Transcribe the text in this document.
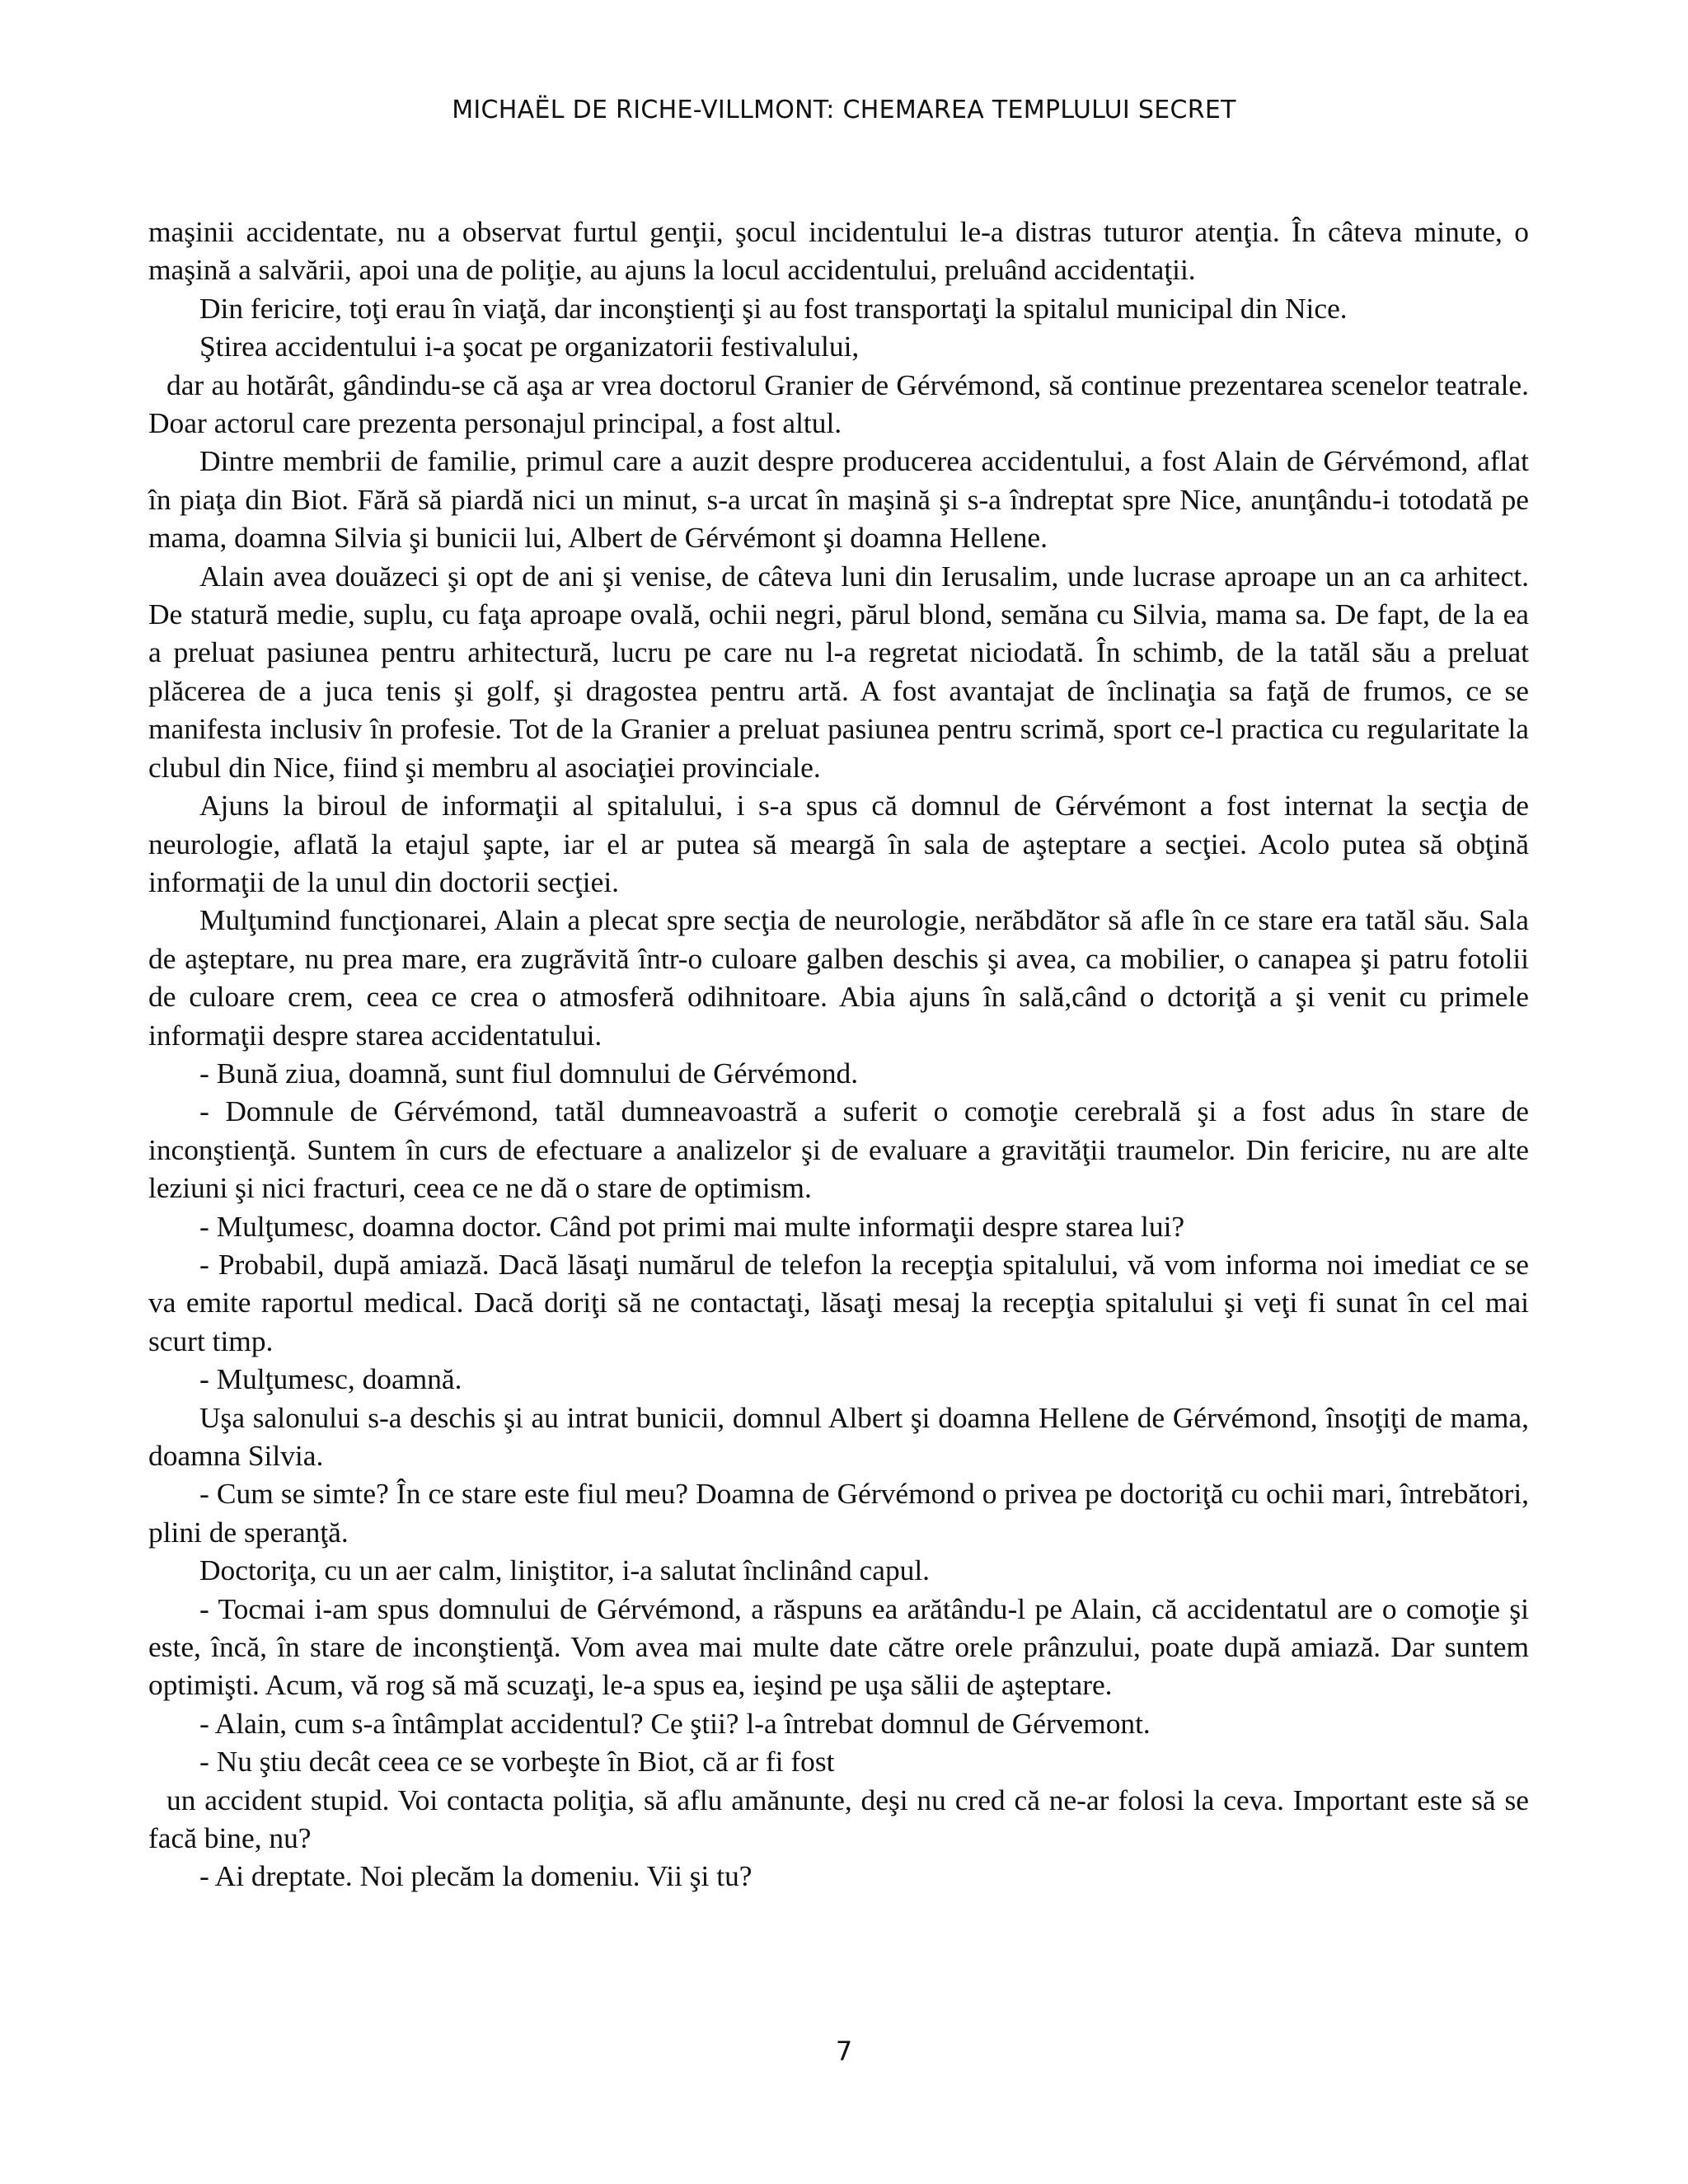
MICHAËL DE RICHE-VILLMONT: CHEMAREA TEMPLULUI SECRET

maşinii accidentate, nu a observat furtul genţii, şocul incidentului le-a distras tuturor atenţia. În câteva minute, o maşină a salvării, apoi una de poliţie, au ajuns la locul accidentului, preluând accidentaţii.

Din fericire, toţi erau în viaţă, dar inconştienţi şi au fost transportaţi la spitalul municipal din Nice.

Ştirea accidentului i-a şocat pe organizatorii festivalului,

dar au hotărât, gândindu-se că aşa ar vrea doctorul Granier de Gérvémond, să continue prezentarea scenelor teatrale. Doar actorul care prezenta personajul principal, a fost altul.

Dintre membrii de familie, primul care a auzit despre producerea accidentului, a fost Alain de Gérvémond, aflat în piaţa din Biot. Fără să piardă nici un minut, s-a urcat în maşină şi s-a îndreptat spre Nice, anunţându-i totodată pe mama, doamna Silvia şi bunicii lui, Albert de Gérvémont şi doamna Hellene.

Alain avea douăzeci şi opt de ani şi venise, de câteva luni din Ierusalim, unde lucrase aproape un an ca arhitect. De statură medie, suplu, cu faţa aproape ovală, ochii negri, părul blond, semăna cu Silvia, mama sa. De fapt, de la ea a preluat pasiunea pentru arhitectură, lucru pe care nu l-a regretat niciodată. În schimb, de la tatăl său a preluat plăcerea de a juca tenis şi golf, şi dragostea pentru artă. A fost avantajat de înclinaţia sa faţă de frumos, ce se manifesta inclusiv în profesie. Tot de la Granier a preluat pasiunea pentru scrimă, sport ce-l practica cu regularitate la clubul din Nice, fiind şi membru al asociaţiei provinciale.

Ajuns la biroul de informaţii al spitalului, i s-a spus că domnul de Gérvémont a fost internat la secţia de neurologie, aflată la etajul şapte, iar el ar putea să meargă în sala de aşteptare a secţiei. Acolo putea să obţină informaţii de la unul din doctorii secţiei.

Mulţumind funcţionarei, Alain a plecat spre secţia de neurologie, nerăbdător să afle în ce stare era tatăl său. Sala de aşteptare, nu prea mare, era zugrăvită într-o culoare galben deschis şi avea, ca mobilier, o canapea şi patru fotolii de culoare crem, ceea ce crea o atmosferă odihnitoare. Abia ajuns în sală,când o dctoriţă a şi venit cu primele informaţii despre starea accidentatului.

- Bună ziua, doamnă, sunt fiul domnului de Gérvémond.

- Domnule de Gérvémond, tatăl dumneavoastră a suferit o comoţie cerebrală şi a fost adus în stare de inconştienţă. Suntem în curs de efectuare a analizelor şi de evaluare a gravităţii traumelor. Din fericire, nu are alte leziuni şi nici fracturi, ceea ce ne dă o stare de optimism.

- Mulţumesc, doamna doctor. Când pot primi mai multe informaţii despre starea lui?

- Probabil, după amiază. Dacă lăsaţi numărul de telefon la recepţia spitalului, vă vom informa noi imediat ce se va emite raportul medical. Dacă doriţi să ne contactaţi, lăsaţi mesaj la recepţia spitalului şi veţi fi sunat în cel mai scurt timp.

- Mulţumesc, doamnă.

Uşa salonului s-a deschis şi au intrat bunicii, domnul Albert şi doamna Hellene de Gérvémond, însoţiţi de mama, doamna Silvia.

- Cum se simte? În ce stare este fiul meu? Doamna de Gérvémond o privea pe doctoriţă cu ochii mari, întrebători, plini de speranţă.

Doctoriţa, cu un aer calm, liniştitor, i-a salutat înclinând capul.

- Tocmai i-am spus domnului de Gérvémond, a răspuns ea arătându-l pe Alain, că accidentatul are o comoţie şi este, încă, în stare de inconştienţă. Vom avea mai multe date către orele prânzului, poate după amiază. Dar suntem optimişti. Acum, vă rog să mă scuzaţi, le-a spus ea, ieşind pe uşa sălii de aşteptare.

- Alain, cum s-a întâmplat accidentul? Ce ştii? l-a întrebat domnul de Gérvemont.

- Nu ştiu decât ceea ce se vorbeşte în Biot, că ar fi fost

un accident stupid. Voi contacta poliţia, să aflu amănunte, deşi nu cred că ne-ar folosi la ceva. Important este să se facă bine, nu?

- Ai dreptate. Noi plecăm la domeniu. Vii şi tu?

7
